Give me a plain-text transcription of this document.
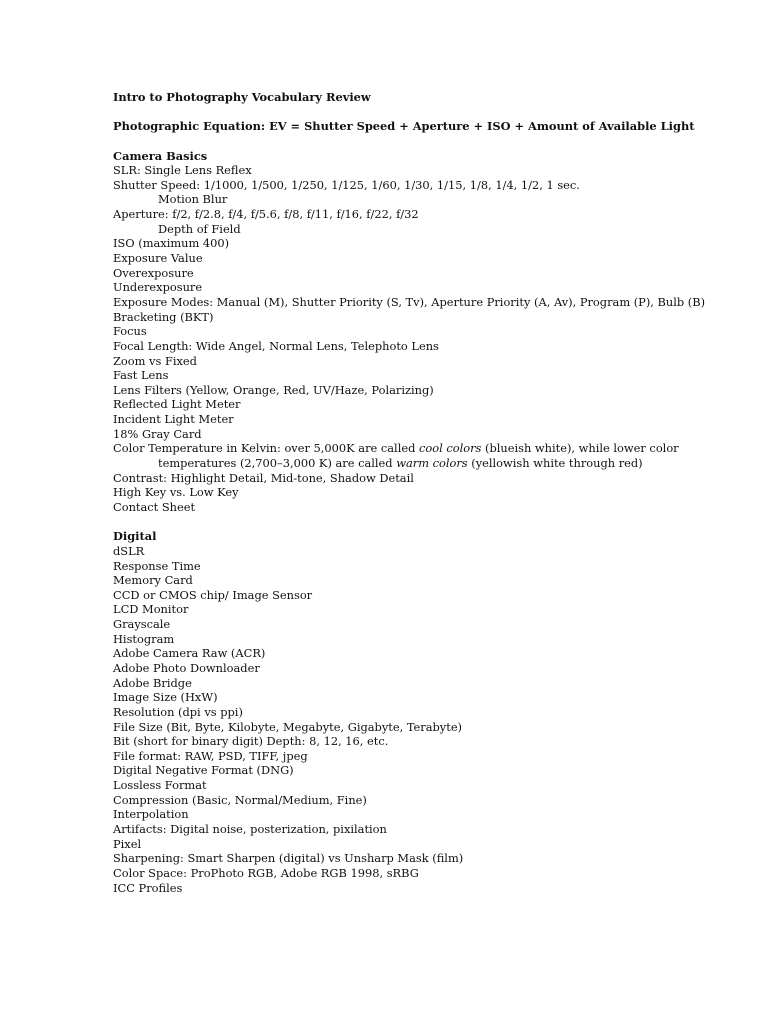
Intro to Photography Vocabulary Review
Photographic Equation: EV = Shutter Speed + Aperture + ISO + Amount of Available Light
Camera Basics
SLR: Single Lens Reflex
Shutter Speed: 1/1000, 1/500, 1/250, 1/125, 1/60, 1/30, 1/15, 1/8, 1/4, 1/2, 1 sec.
Motion Blur
Aperture: f/2, f/2.8, f/4, f/5.6, f/8, f/11, f/16, f/22, f/32
Depth of Field
ISO (maximum 400)
Exposure Value
Overexposure
Underexposure
Exposure Modes: Manual (M), Shutter Priority (S, Tv), Aperture Priority (A, Av), Program (P), Bulb (B)
Bracketing (BKT)
Focus
Focal Length: Wide Angel, Normal Lens, Telephoto Lens
Zoom vs Fixed
Fast Lens
Lens Filters (Yellow, Orange, Red, UV/Haze, Polarizing)
Reflected Light Meter
Incident Light Meter
18% Gray Card
Color Temperature in Kelvin: over 5,000K are called cool colors (blueish white), while lower color
temperatures (2,700–3,000 K) are called warm colors (yellowish white through red)
Contrast: Highlight Detail, Mid-tone, Shadow Detail
High Key vs. Low Key
Contact Sheet
Digital
dSLR
Response Time
Memory Card
CCD or CMOS chip/ Image Sensor
LCD Monitor
Grayscale
Histogram
Adobe Camera Raw (ACR)
Adobe Photo Downloader
Adobe Bridge
Image Size (HxW)
Resolution (dpi vs ppi)
File Size (Bit, Byte, Kilobyte, Megabyte, Gigabyte, Terabyte)
Bit (short for binary digit) Depth: 8, 12, 16, etc.
File format: RAW, PSD, TIFF, jpeg
Digital Negative Format (DNG)
Lossless Format
Compression (Basic, Normal/Medium, Fine)
Interpolation
Artifacts: Digital noise, posterization, pixilation
Pixel
Sharpening: Smart Sharpen (digital) vs Unsharp Mask (film)
Color Space: ProPhoto RGB, Adobe RGB 1998, sRBG
ICC Profiles
